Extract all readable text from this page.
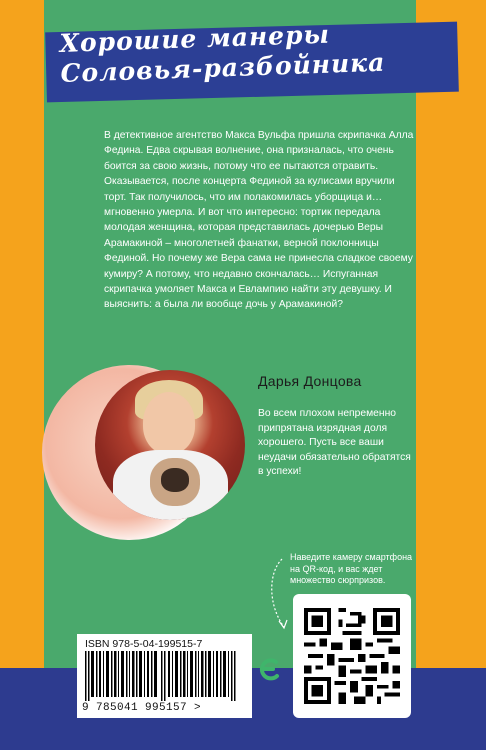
Хорошие манеры
Соловья-разбойника

В детективное агентство Макса Вульфа пришла скрипачка Алла Федина. Едва скрывая волнение, она призналась, что очень боится за свою жизнь, потому что ее пытаются отравить. Оказывается, после концерта Фединой за кулисами вручили торт. Так получилось, что им полакомилась уборщица и… мгновенно умерла. И вот что интересно: тортик передала молодая женщина, которая представилась дочерью Веры Арамакиной – многолетней фанатки, верной поклонницы Фединой. Но почему же Вера сама не принесла сладкое своему кумиру? А потому, что недавно скончалась… Испуганная скрипачка умоляет Макса и Евлампию найти эту девушку. И выяснить: а была ли вообще дочь у Арамакиной?

Дарья Донцова

Во всем плохом непременно припрятана изрядная доля хорошего. Пусть все ваши неудачи обязательно обратятся в успехи!

Наведите камеру смартфона на QR-код, и вас ждет множество сюрпризов.

ISBN 978-5-04-199515-7

9 785041 995157 >
